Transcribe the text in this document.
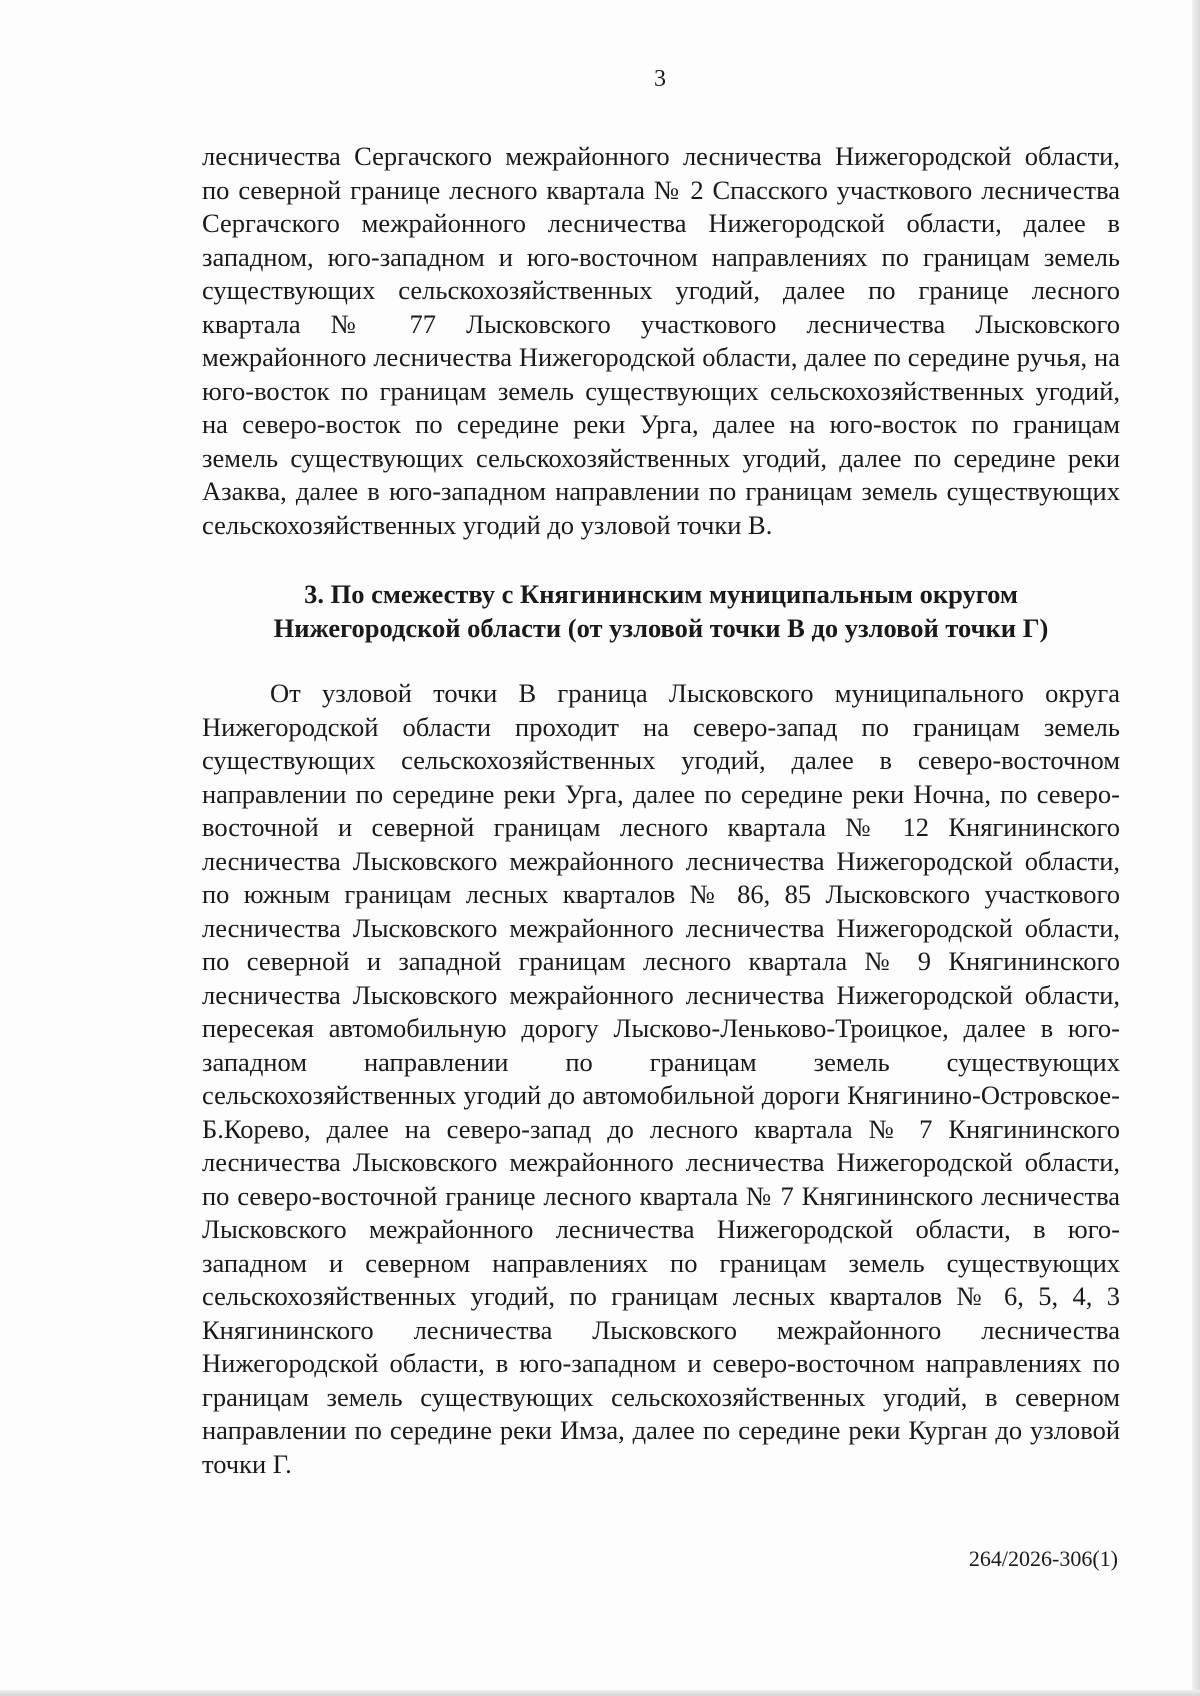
3

лесничества Сергачского межрайонного лесничества Нижегородской области, по северной границе лесного квартала № 2 Спасского участкового лесничества Сергачского межрайонного лесничества Нижегородской области, далее в западном, юго-западном и юго-восточном направлениях по границам земель существующих сельскохозяйственных угодий, далее по границе лесного квартала № 77 Лысковского участкового лесничества Лысковского межрайонного лесничества Нижегородской области, далее по середине ручья, на юго-восток по границам земель существующих сельскохозяйственных угодий, на северо-восток по середине реки Урга, далее на юго-восток по границам земель существующих сельскохозяйственных угодий, далее по середине реки Азаква, далее в юго-западном направлении по границам земель существующих сельскохозяйственных угодий до узловой точки В.

3. По смежеству с Княгининским муниципальным округом
Нижегородской области (от узловой точки В до узловой точки Г)

От узловой точки В граница Лысковского муниципального округа Нижегородской области проходит на северо-запад по границам земель существующих сельскохозяйственных угодий, далее в северо-восточном направлении по середине реки Урга, далее по середине реки Ночна, по северо-восточной и северной границам лесного квартала № 12 Княгининского лесничества Лысковского межрайонного лесничества Нижегородской области, по южным границам лесных кварталов № 86, 85 Лысковского участкового лесничества Лысковского межрайонного лесничества Нижегородской области, по северной и западной границам лесного квартала № 9 Княгининского лесничества Лысковского межрайонного лесничества Нижегородской области, пересекая автомобильную дорогу Лысково-Леньково-Троицкое, далее в юго-западном направлении по границам земель существующих сельскохозяйственных угодий до автомобильной дороги Княгинино-Островское-Б.Корево, далее на северо-запад до лесного квартала № 7 Княгининского лесничества Лысковского межрайонного лесничества Нижегородской области, по северо-восточной границе лесного квартала № 7 Княгининского лесничества Лысковского межрайонного лесничества Нижегородской области, в юго-западном и северном направлениях по границам земель существующих сельскохозяйственных угодий, по границам лесных кварталов № 6, 5, 4, 3 Княгининского лесничества Лысковского межрайонного лесничества Нижегородской области, в юго-западном и северо-восточном направлениях по границам земель существующих сельскохозяйственных угодий, в северном направлении по середине реки Имза, далее по середине реки Курган до узловой точки Г.

264/2026-306(1)
